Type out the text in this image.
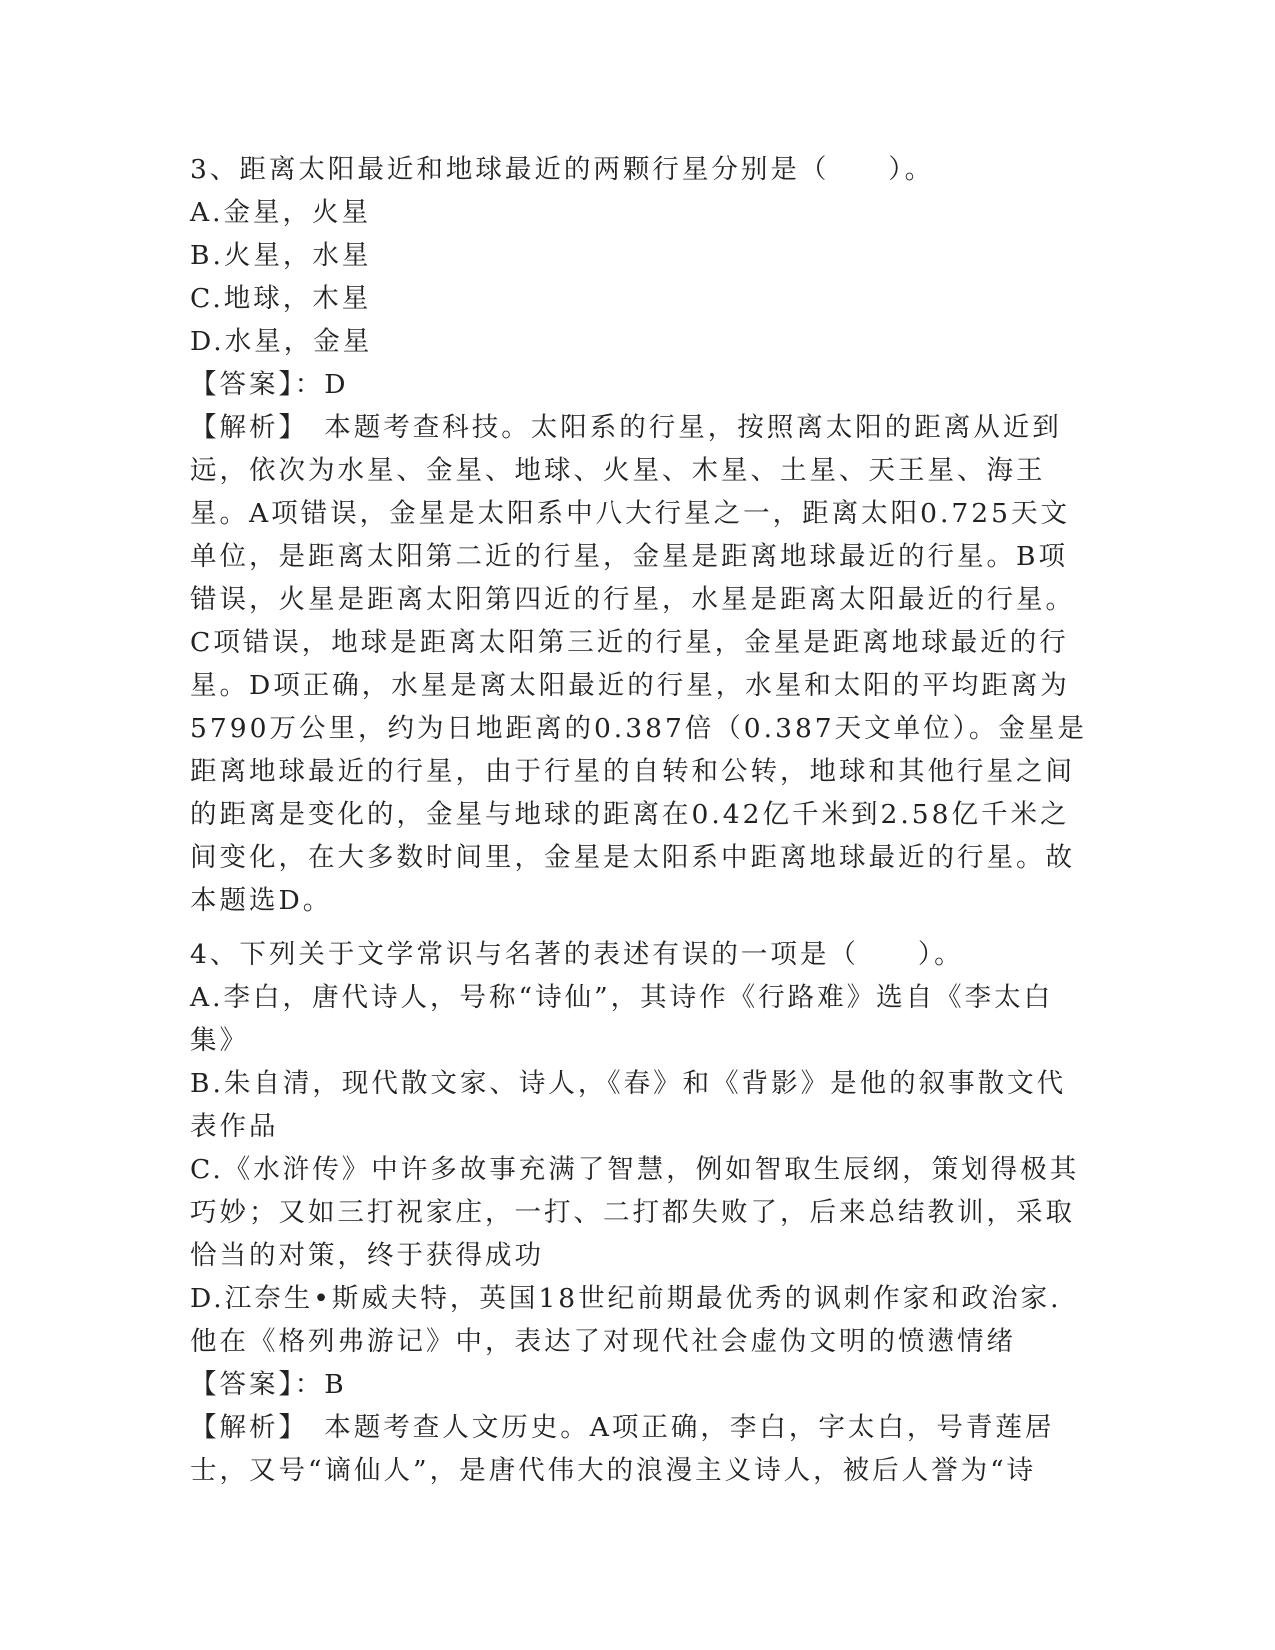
3、距离太阳最近和地球最近的两颗行星分别是（　　）。

A.金星，火星

B.火星，水星

C.地球，木星

D.水星，金星

【答案】：D

【解析】　本题考查科技。太阳系的行星，按照离太阳的距离从近到远，依次为水星、金星、地球、火星、木星、土星、天王星、海王星。A项错误，金星是太阳系中八大行星之一，距离太阳0.725天文单位，是距离太阳第二近的行星，金星是距离地球最近的行星。B项错误，火星是距离太阳第四近的行星，水星是距离太阳最近的行星。C项错误，地球是距离太阳第三近的行星，金星是距离地球最近的行星。D项正确，水星是离太阳最近的行星，水星和太阳的平均距离为5790万公里，约为日地距离的0.387倍（0.387天文单位）。金星是距离地球最近的行星，由于行星的自转和公转，地球和其他行星之间的距离是变化的，金星与地球的距离在0.42亿千米到2.58亿千米之间变化，在大多数时间里，金星是太阳系中距离地球最近的行星。故本题选D。

4、下列关于文学常识与名著的表述有误的一项是（　　）。

A.李白，唐代诗人，号称“诗仙”，其诗作《行路难》选自《李太白集》

B.朱自清，现代散文家、诗人，《春》和《背影》是他的叙事散文代表作品

C.《水浒传》中许多故事充满了智慧，例如智取生辰纲，策划得极其巧妙；又如三打祝家庄，一打、二打都失败了，后来总结教训，采取恰当的对策，终于获得成功

D.江奈生•斯威夫特，英国18世纪前期最优秀的讽刺作家和政治家.他在《格列弗游记》中，表达了对现代社会虚伪文明的愤懑情绪

【答案】：B

【解析】　本题考查人文历史。A项正确，李白，字太白，号青莲居士，又号“谪仙人”，是唐代伟大的浪漫主义诗人，被后人誉为“诗
